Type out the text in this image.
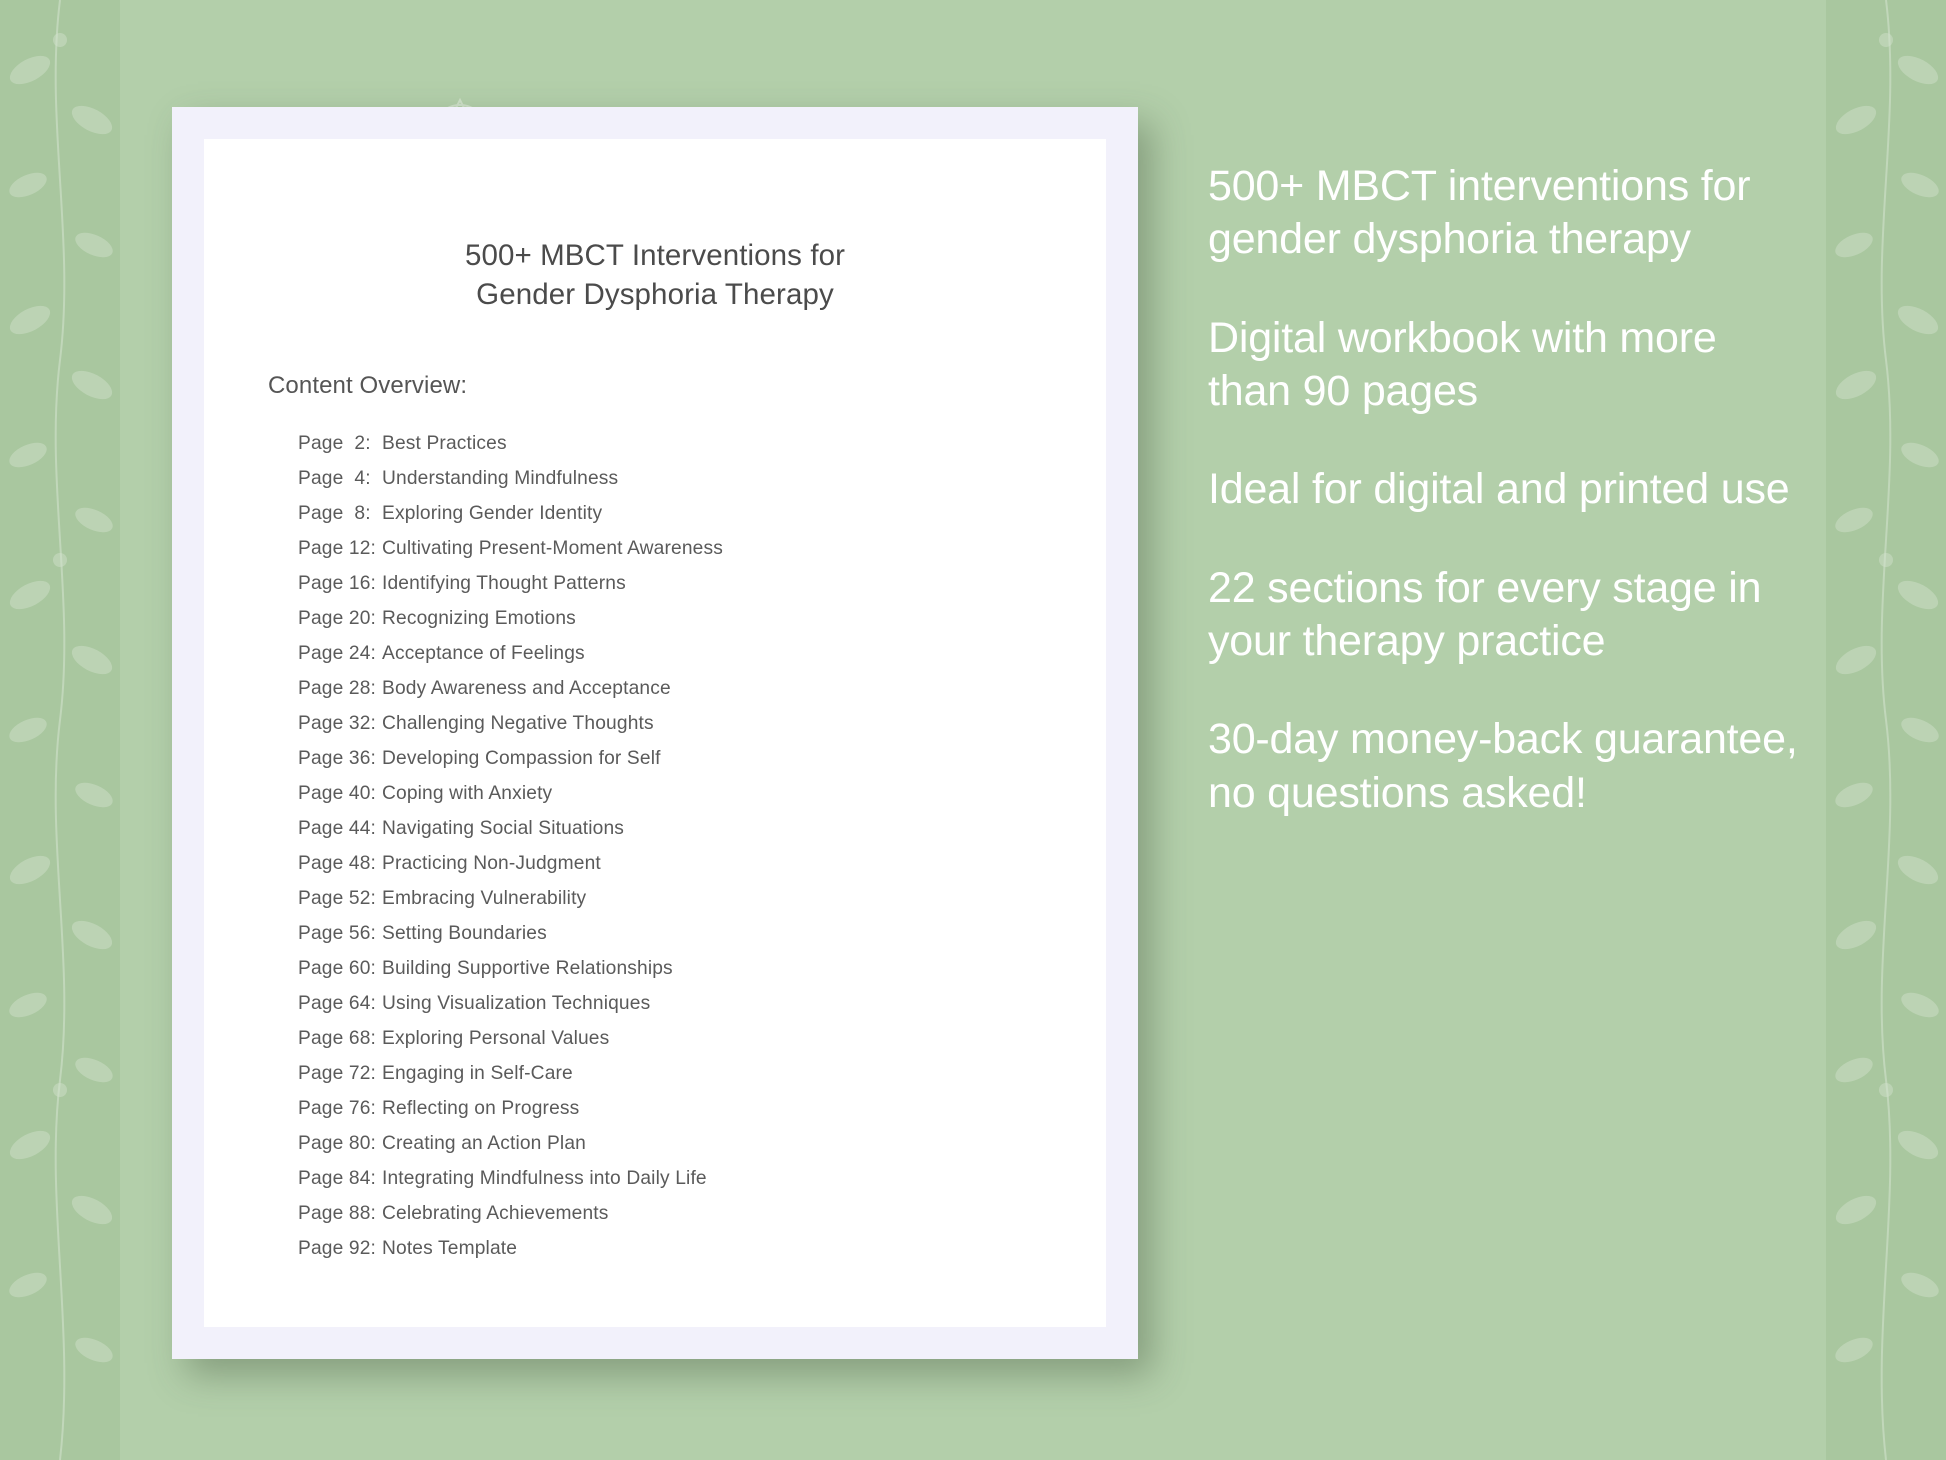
500+ MBCT Interventions for
Gender Dysphoria Therapy
Content Overview:
Page  2: Best Practices
Page  4: Understanding Mindfulness
Page  8: Exploring Gender Identity
Page 12: Cultivating Present-Moment Awareness
Page 16: Identifying Thought Patterns
Page 20: Recognizing Emotions
Page 24: Acceptance of Feelings
Page 28: Body Awareness and Acceptance
Page 32: Challenging Negative Thoughts
Page 36: Developing Compassion for Self
Page 40: Coping with Anxiety
Page 44: Navigating Social Situations
Page 48: Practicing Non-Judgment
Page 52: Embracing Vulnerability
Page 56: Setting Boundaries
Page 60: Building Supportive Relationships
Page 64: Using Visualization Techniques
Page 68: Exploring Personal Values
Page 72: Engaging in Self-Care
Page 76: Reflecting on Progress
Page 80: Creating an Action Plan
Page 84: Integrating Mindfulness into Daily Life
Page 88: Celebrating Achievements
Page 92: Notes Template

500+ MBCT interventions for gender dysphoria therapy

Digital workbook with more than 90 pages

Ideal for digital and printed use

22 sections for every stage in your therapy practice

30-day money-back guarantee, no questions asked!
